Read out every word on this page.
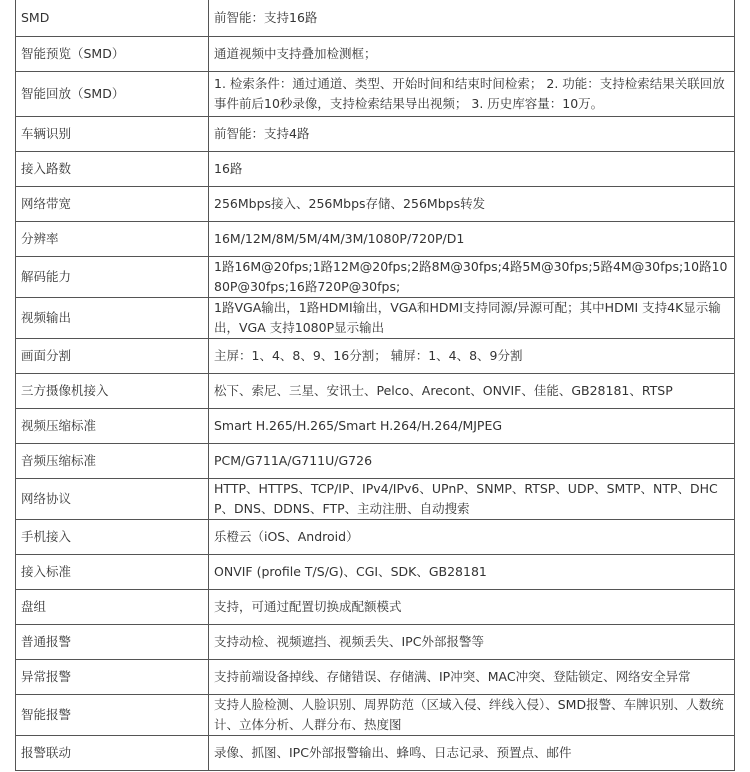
SMD	前智能：支持16路
智能预览（SMD）	通道视频中支持叠加检测框；
智能回放（SMD）	1. 检索条件：通过通道、类型、开始时间和结束时间检索； 2. 功能：支持检索结果关联回放事件前后10秒录像，支持检索结果导出视频； 3. 历史库容量：10万。
车辆识别	前智能：支持4路
接入路数	16路
网络带宽	256Mbps接入、256Mbps存储、256Mbps转发
分辨率	16M/12M/8M/5M/4M/3M/1080P/720P/D1
解码能力	1路16M@20fps;1路12M@20fps;2路8M@30fps;4路5M@30fps;5路4M@30fps;10路1080P@30fps;16路720P@30fps;
视频输出	1路VGA输出，1路HDMI输出，VGA和HDMI支持同源/异源可配；其中HDMI 支持4K显示输出，VGA 支持1080P显示输出
画面分割	主屏：1、4、8、9、16分割； 辅屏：1、4、8、9分割
三方摄像机接入	松下、索尼、三星、安讯士、Pelco、Arecont、ONVIF、佳能、GB28181、RTSP
视频压缩标准	Smart H.265/H.265/Smart H.264/H.264/MJPEG
音频压缩标准	PCM/G711A/G711U/G726
网络协议	HTTP、HTTPS、TCP/IP、IPv4/IPv6、UPnP、SNMP、RTSP、UDP、SMTP、NTP、DHCP、DNS、DDNS、FTP、主动注册、自动搜索
手机接入	乐橙云（iOS、Android）
接入标准	ONVIF (profile T/S/G)、CGI、SDK、GB28181
盘组	支持，可通过配置切换成配额模式
普通报警	支持动检、视频遮挡、视频丢失、IPC外部报警等
异常报警	支持前端设备掉线、存储错误、存储满、IP冲突、MAC冲突、登陆锁定、网络安全异常
智能报警	支持人脸检测、人脸识别、周界防范（区域入侵、绊线入侵）、SMD报警、车牌识别、人数统计、立体分析、人群分布、热度图
报警联动	录像、抓图、IPC外部报警输出、蜂鸣、日志记录、预置点、邮件
